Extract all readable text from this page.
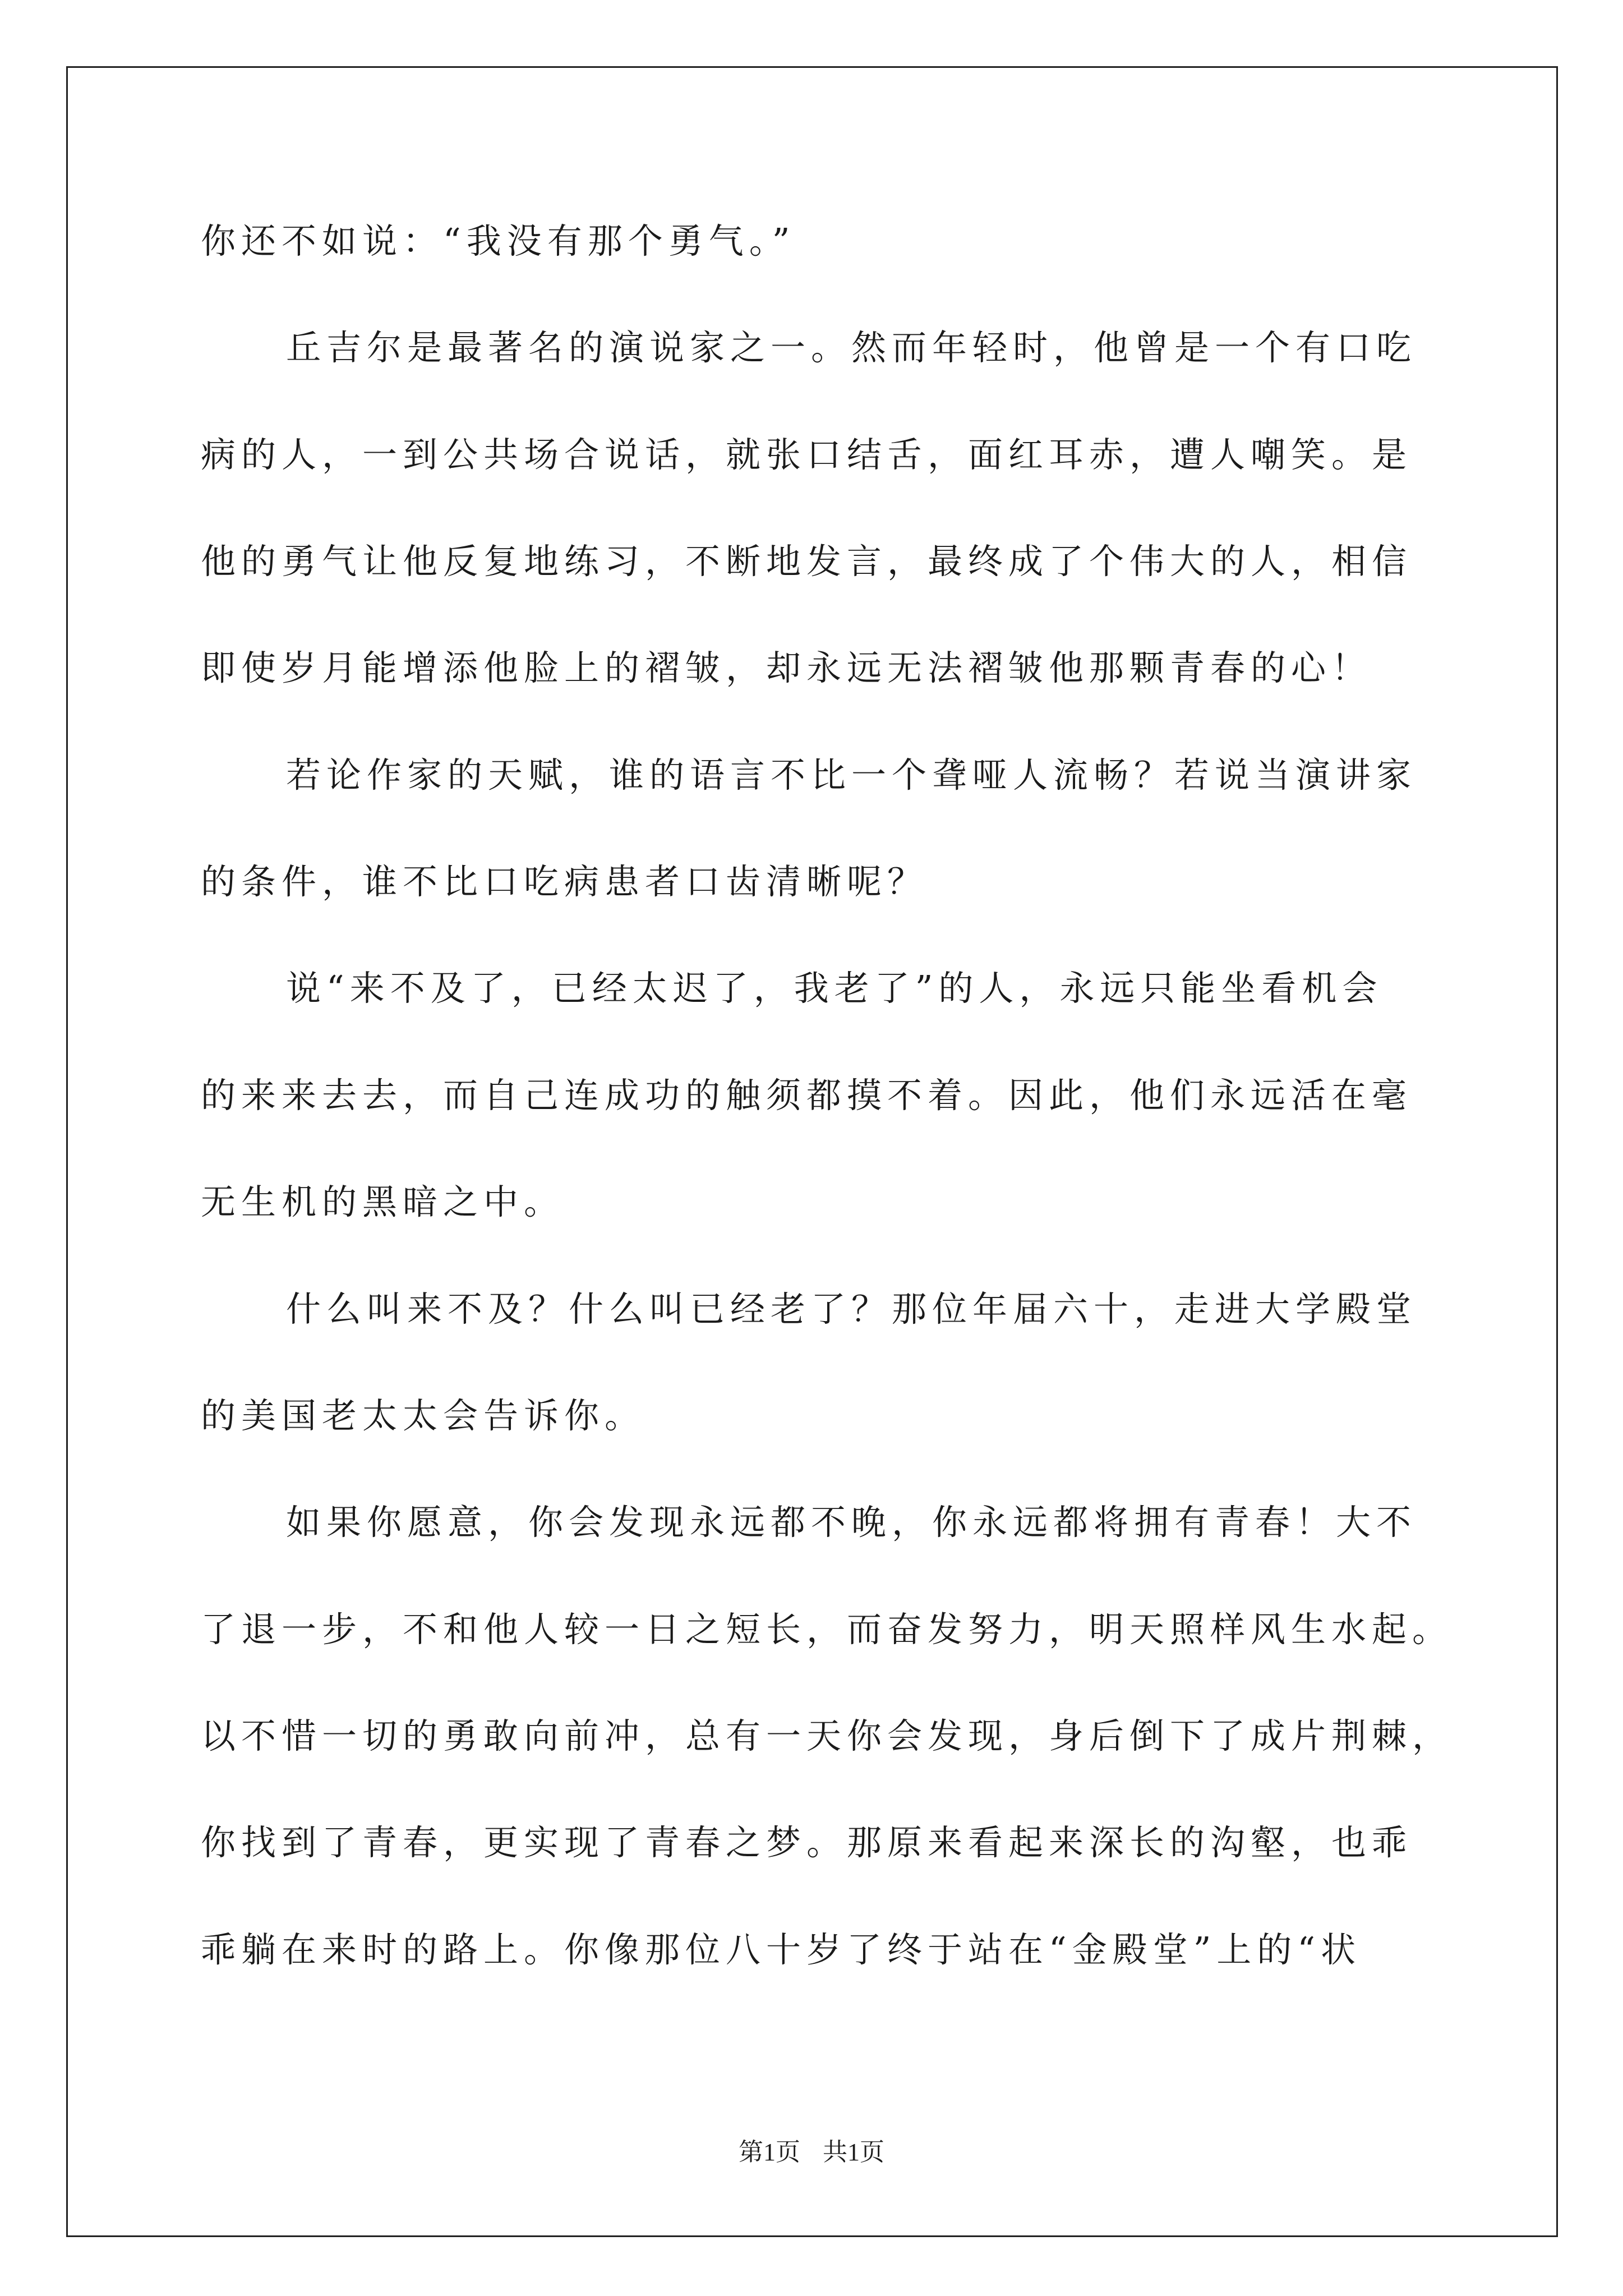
你还不如说：“我没有那个勇气。”

丘吉尔是最著名的演说家之一。然而年轻时，他曾是一个有口吃

病的人，一到公共场合说话，就张口结舌，面红耳赤，遭人嘲笑。是

他的勇气让他反复地练习，不断地发言，最终成了个伟大的人，相信

即使岁月能增添他脸上的褶皱，却永远无法褶皱他那颗青春的心！

若论作家的天赋，谁的语言不比一个聋哑人流畅？若说当演讲家

的条件，谁不比口吃病患者口齿清晰呢？

说“来不及了，已经太迟了，我老了”的人，永远只能坐看机会

的来来去去，而自己连成功的触须都摸不着。因此，他们永远活在毫

无生机的黑暗之中。

什么叫来不及？什么叫已经老了？那位年届六十，走进大学殿堂

的美国老太太会告诉你。

如果你愿意，你会发现永远都不晚，你永远都将拥有青春！大不

了退一步，不和他人较一日之短长，而奋发努力，明天照样风生水起。

以不惜一切的勇敢向前冲，总有一天你会发现，身后倒下了成片荆棘，

你找到了青春，更实现了青春之梦。那原来看起来深长的沟壑，也乖

乖躺在来时的路上。你像那位八十岁了终于站在“金殿堂”上的“状

第1页 共1页
